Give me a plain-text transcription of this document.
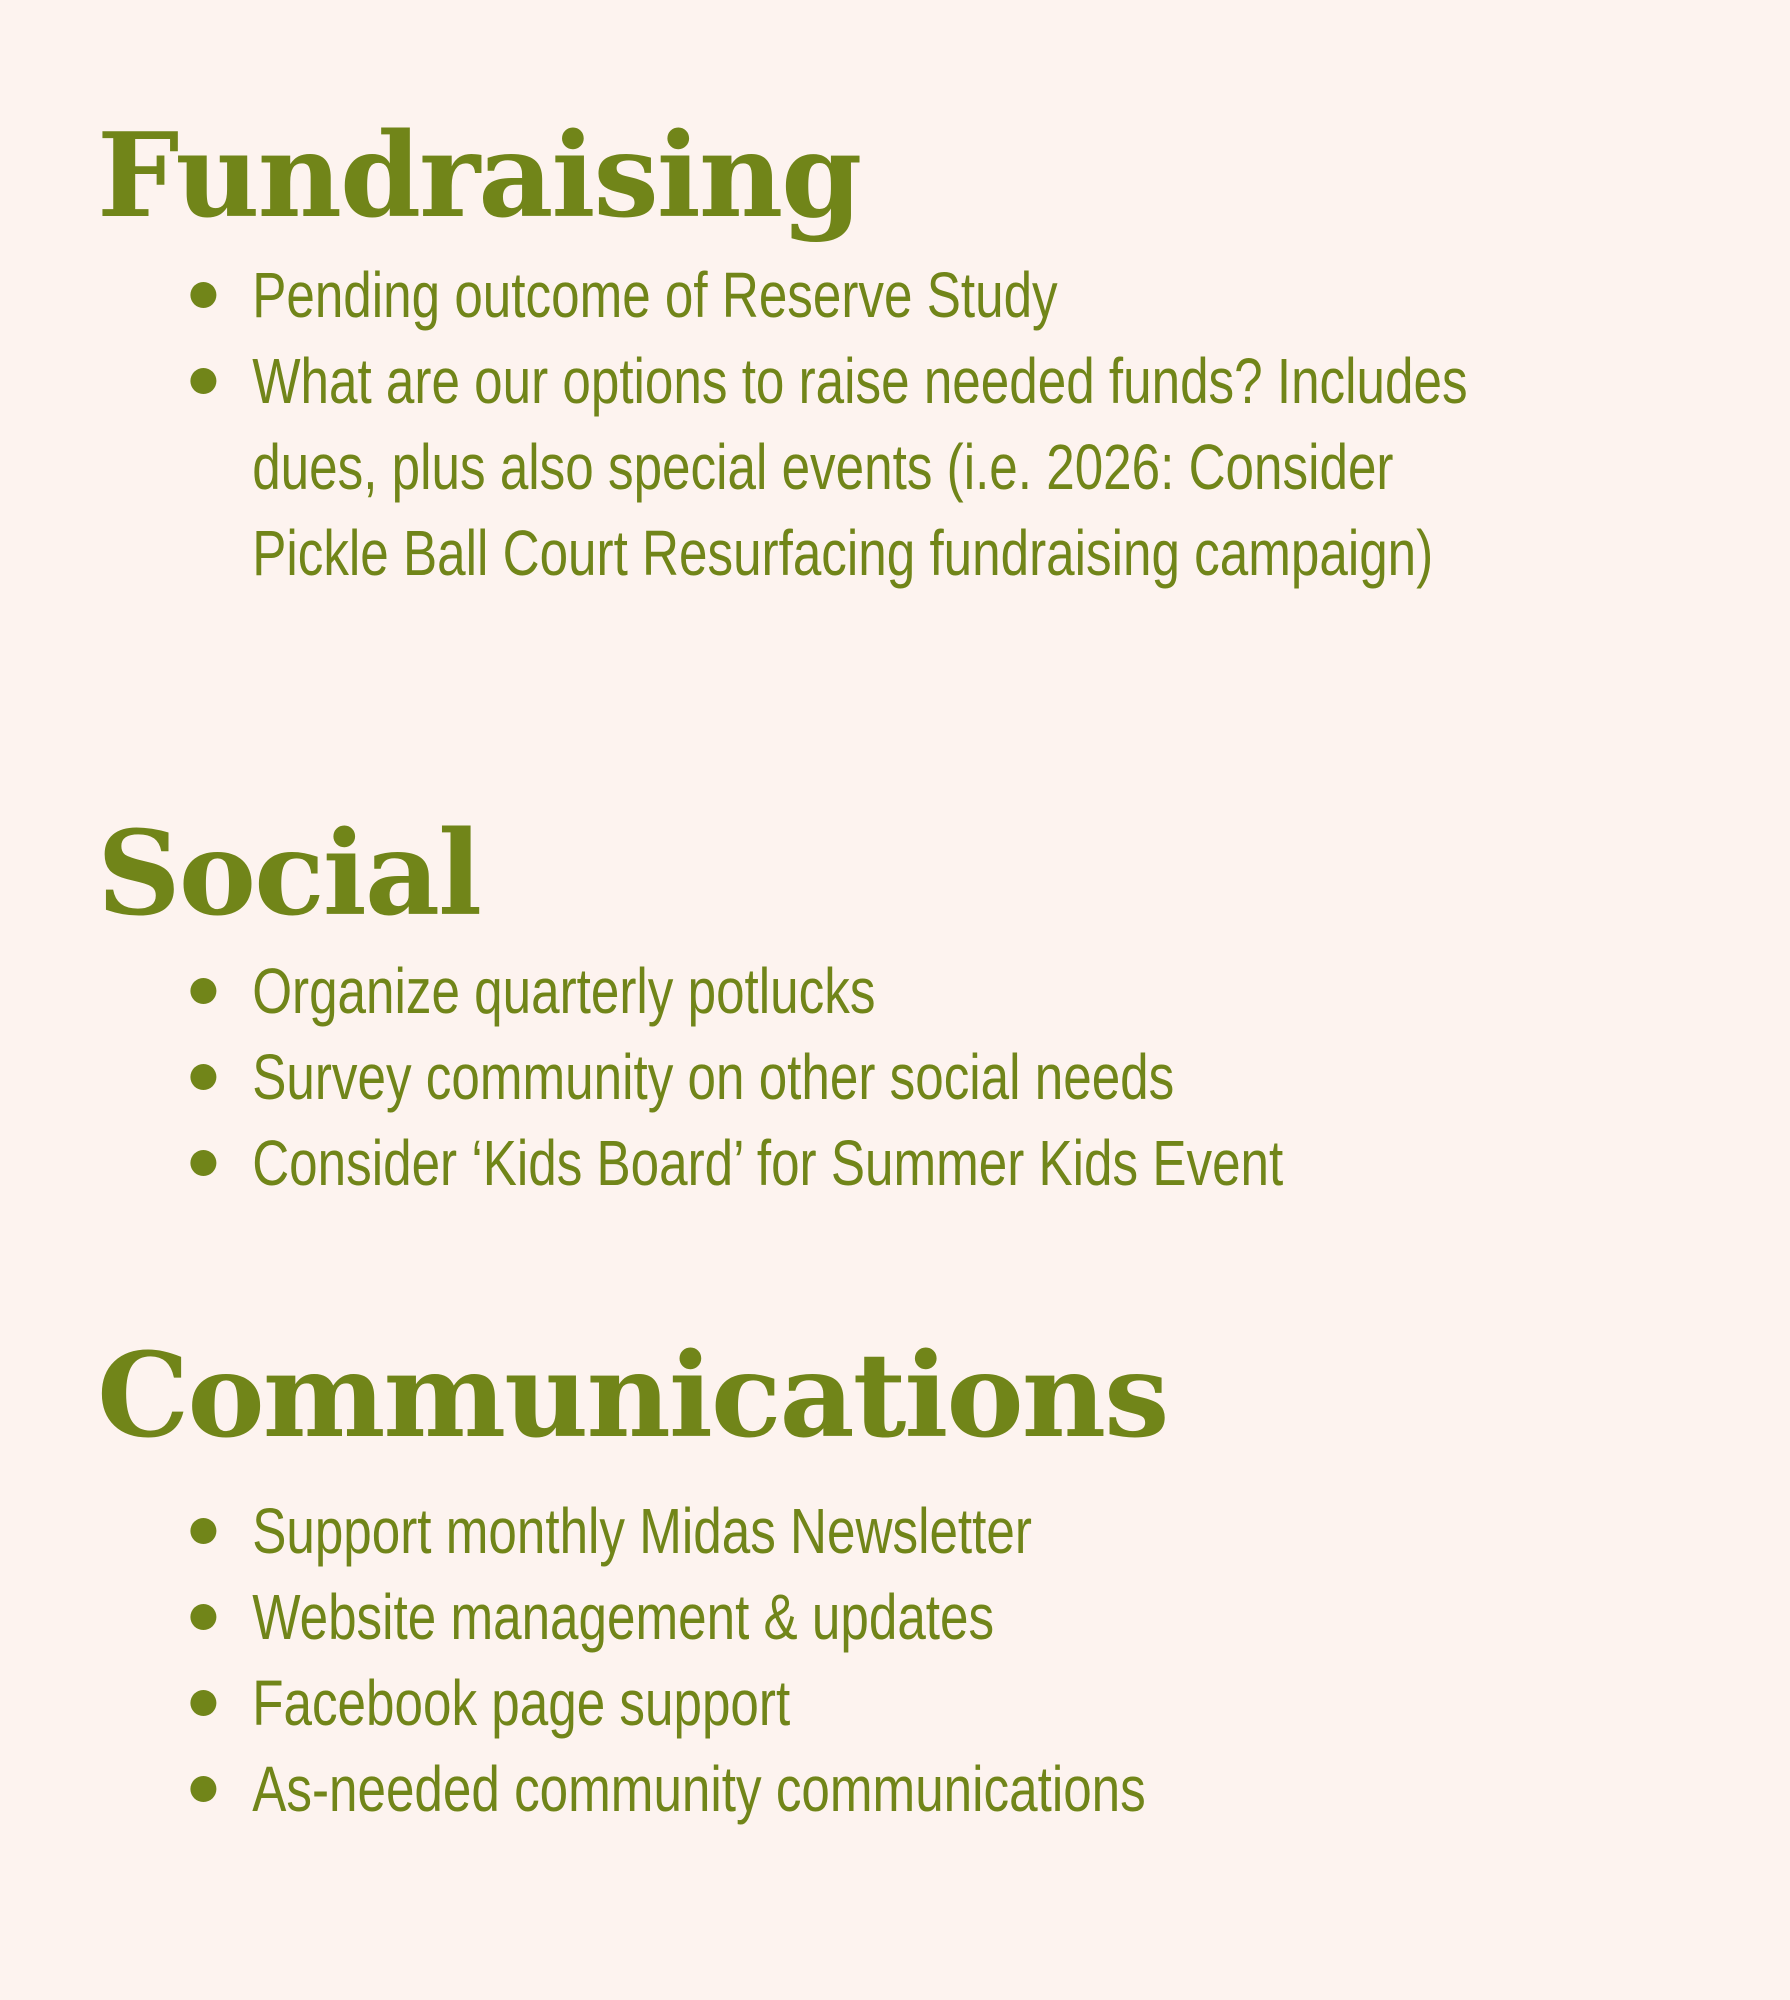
Fundraising
Pending outcome of Reserve Study
What are our options to raise needed funds? Includes dues, plus also special events (i.e. 2026: Consider Pickle Ball Court Resurfacing fundraising campaign)
Social
Organize quarterly potlucks
Survey community on other social needs
Consider ‘Kids Board’ for Summer Kids Event
Communications
Support monthly Midas Newsletter
Website management & updates
Facebook page support
As-needed community communications
